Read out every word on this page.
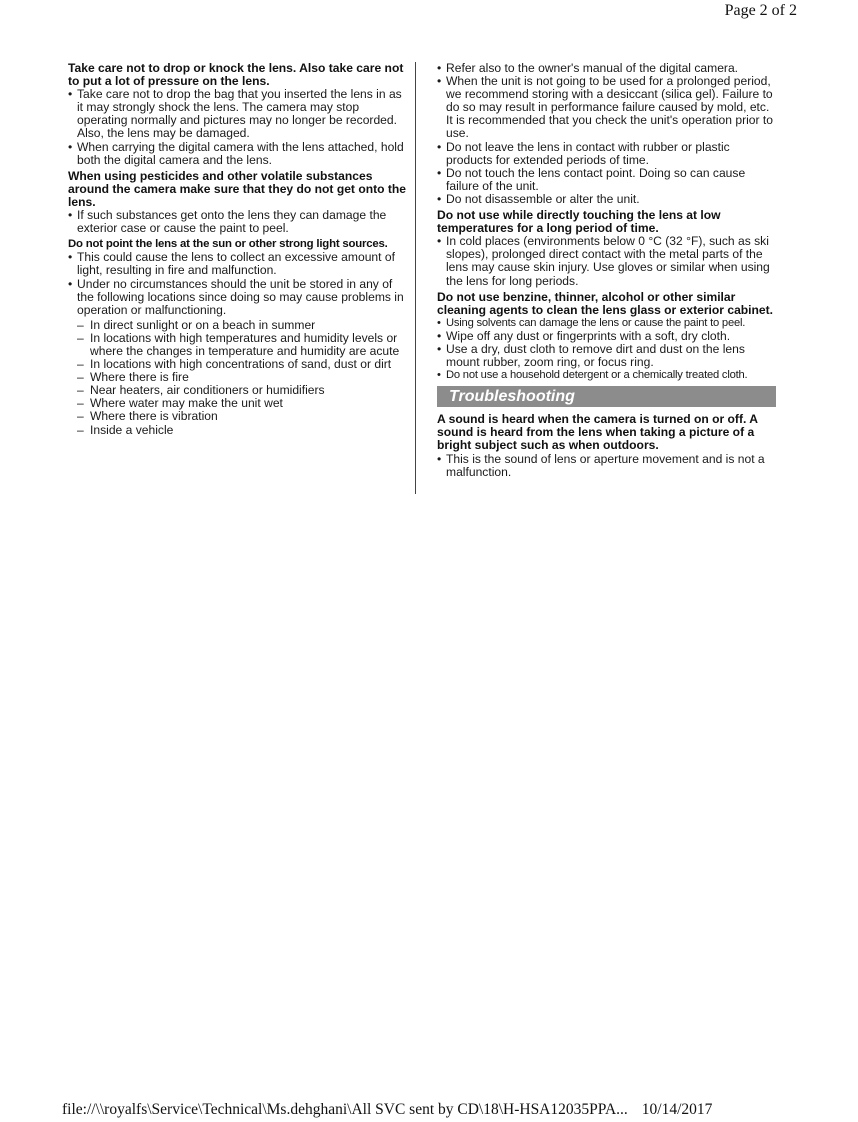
Page 2 of 2

Take care not to drop or knock the lens. Also take care not to put a lot of pressure on the lens.

• Take care not to drop the bag that you inserted the lens in as it may strongly shock the lens. The camera may stop operating normally and pictures may no longer be recorded. Also, the lens may be damaged.
• When carrying the digital camera with the lens attached, hold both the digital camera and the lens.

When using pesticides and other volatile substances around the camera make sure that they do not get onto the lens.

• If such substances get onto the lens they can damage the exterior case or cause the paint to peel.

Do not point the lens at the sun or other strong light sources.

• This could cause the lens to collect an excessive amount of light, resulting in fire and malfunction.
• Under no circumstances should the unit be stored in any of the following locations since doing so may cause problems in operation or malfunctioning.
– In direct sunlight or on a beach in summer
– In locations with high temperatures and humidity levels or where the changes in temperature and humidity are acute
– In locations with high concentrations of sand, dust or dirt
– Where there is fire
– Near heaters, air conditioners or humidifiers
– Where water may make the unit wet
– Where there is vibration
– Inside a vehicle
• Refer also to the owner's manual of the digital camera.
• When the unit is not going to be used for a prolonged period, we recommend storing with a desiccant (silica gel). Failure to do so may result in performance failure caused by mold, etc. It is recommended that you check the unit's operation prior to use.
• Do not leave the lens in contact with rubber or plastic products for extended periods of time.
• Do not touch the lens contact point. Doing so can cause failure of the unit.
• Do not disassemble or alter the unit.

Do not use while directly touching the lens at low temperatures for a long period of time.

• In cold places (environments below 0 °C (32 °F), such as ski slopes), prolonged direct contact with the metal parts of the lens may cause skin injury. Use gloves or similar when using the lens for long periods.

Do not use benzine, thinner, alcohol or other similar cleaning agents to clean the lens glass or exterior cabinet.

• Using solvents can damage the lens or cause the paint to peel.
• Wipe off any dust or fingerprints with a soft, dry cloth.
• Use a dry, dust cloth to remove dirt and dust on the lens mount rubber, zoom ring, or focus ring.
• Do not use a household detergent or a chemically treated cloth.
Troubleshooting

A sound is heard when the camera is turned on or off. A sound is heard from the lens when taking a picture of a bright subject such as when outdoors.

• This is the sound of lens or aperture movement and is not a malfunction.
file://\\royalfs\Service\Technical\Ms.dehghani\All SVC sent by CD\18\H-HSA12035PPA... 10/14/2017
